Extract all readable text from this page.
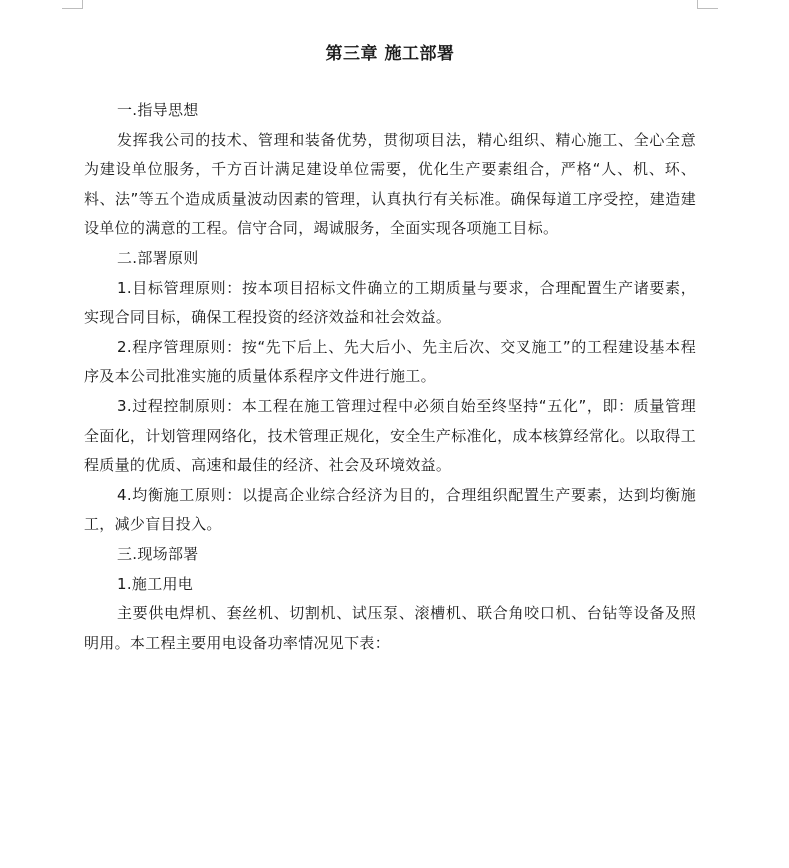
第三章 施工部署

一.指导思想

发挥我公司的技术、管理和装备优势，贯彻项目法，精心组织、精心施工、全心全意为建设单位服务，千方百计满足建设单位需要，优化生产要素组合，严格“人、机、环、料、法”等五个造成质量波动因素的管理，认真执行有关标准。确保每道工序受控，建造建设单位的满意的工程。信守合同，竭诚服务，全面实现各项施工目标。

二.部署原则

1.目标管理原则：按本项目招标文件确立的工期质量与要求，合理配置生产诸要素，实现合同目标，确保工程投资的经济效益和社会效益。

2.程序管理原则：按“先下后上、先大后小、先主后次、交叉施工”的工程建设基本程序及本公司批准实施的质量体系程序文件进行施工。

3.过程控制原则：本工程在施工管理过程中必须自始至终坚持“五化”，即：质量管理全面化，计划管理网络化，技术管理正规化，安全生产标准化，成本核算经常化。以取得工程质量的优质、高速和最佳的经济、社会及环境效益。

4.均衡施工原则：以提高企业综合经济为目的，合理组织配置生产要素，达到均衡施工，减少盲目投入。

三.现场部署

1.施工用电

主要供电焊机、套丝机、切割机、试压泵、滚槽机、联合角咬口机、台钻等设备及照明用。本工程主要用电设备功率情况见下表：
